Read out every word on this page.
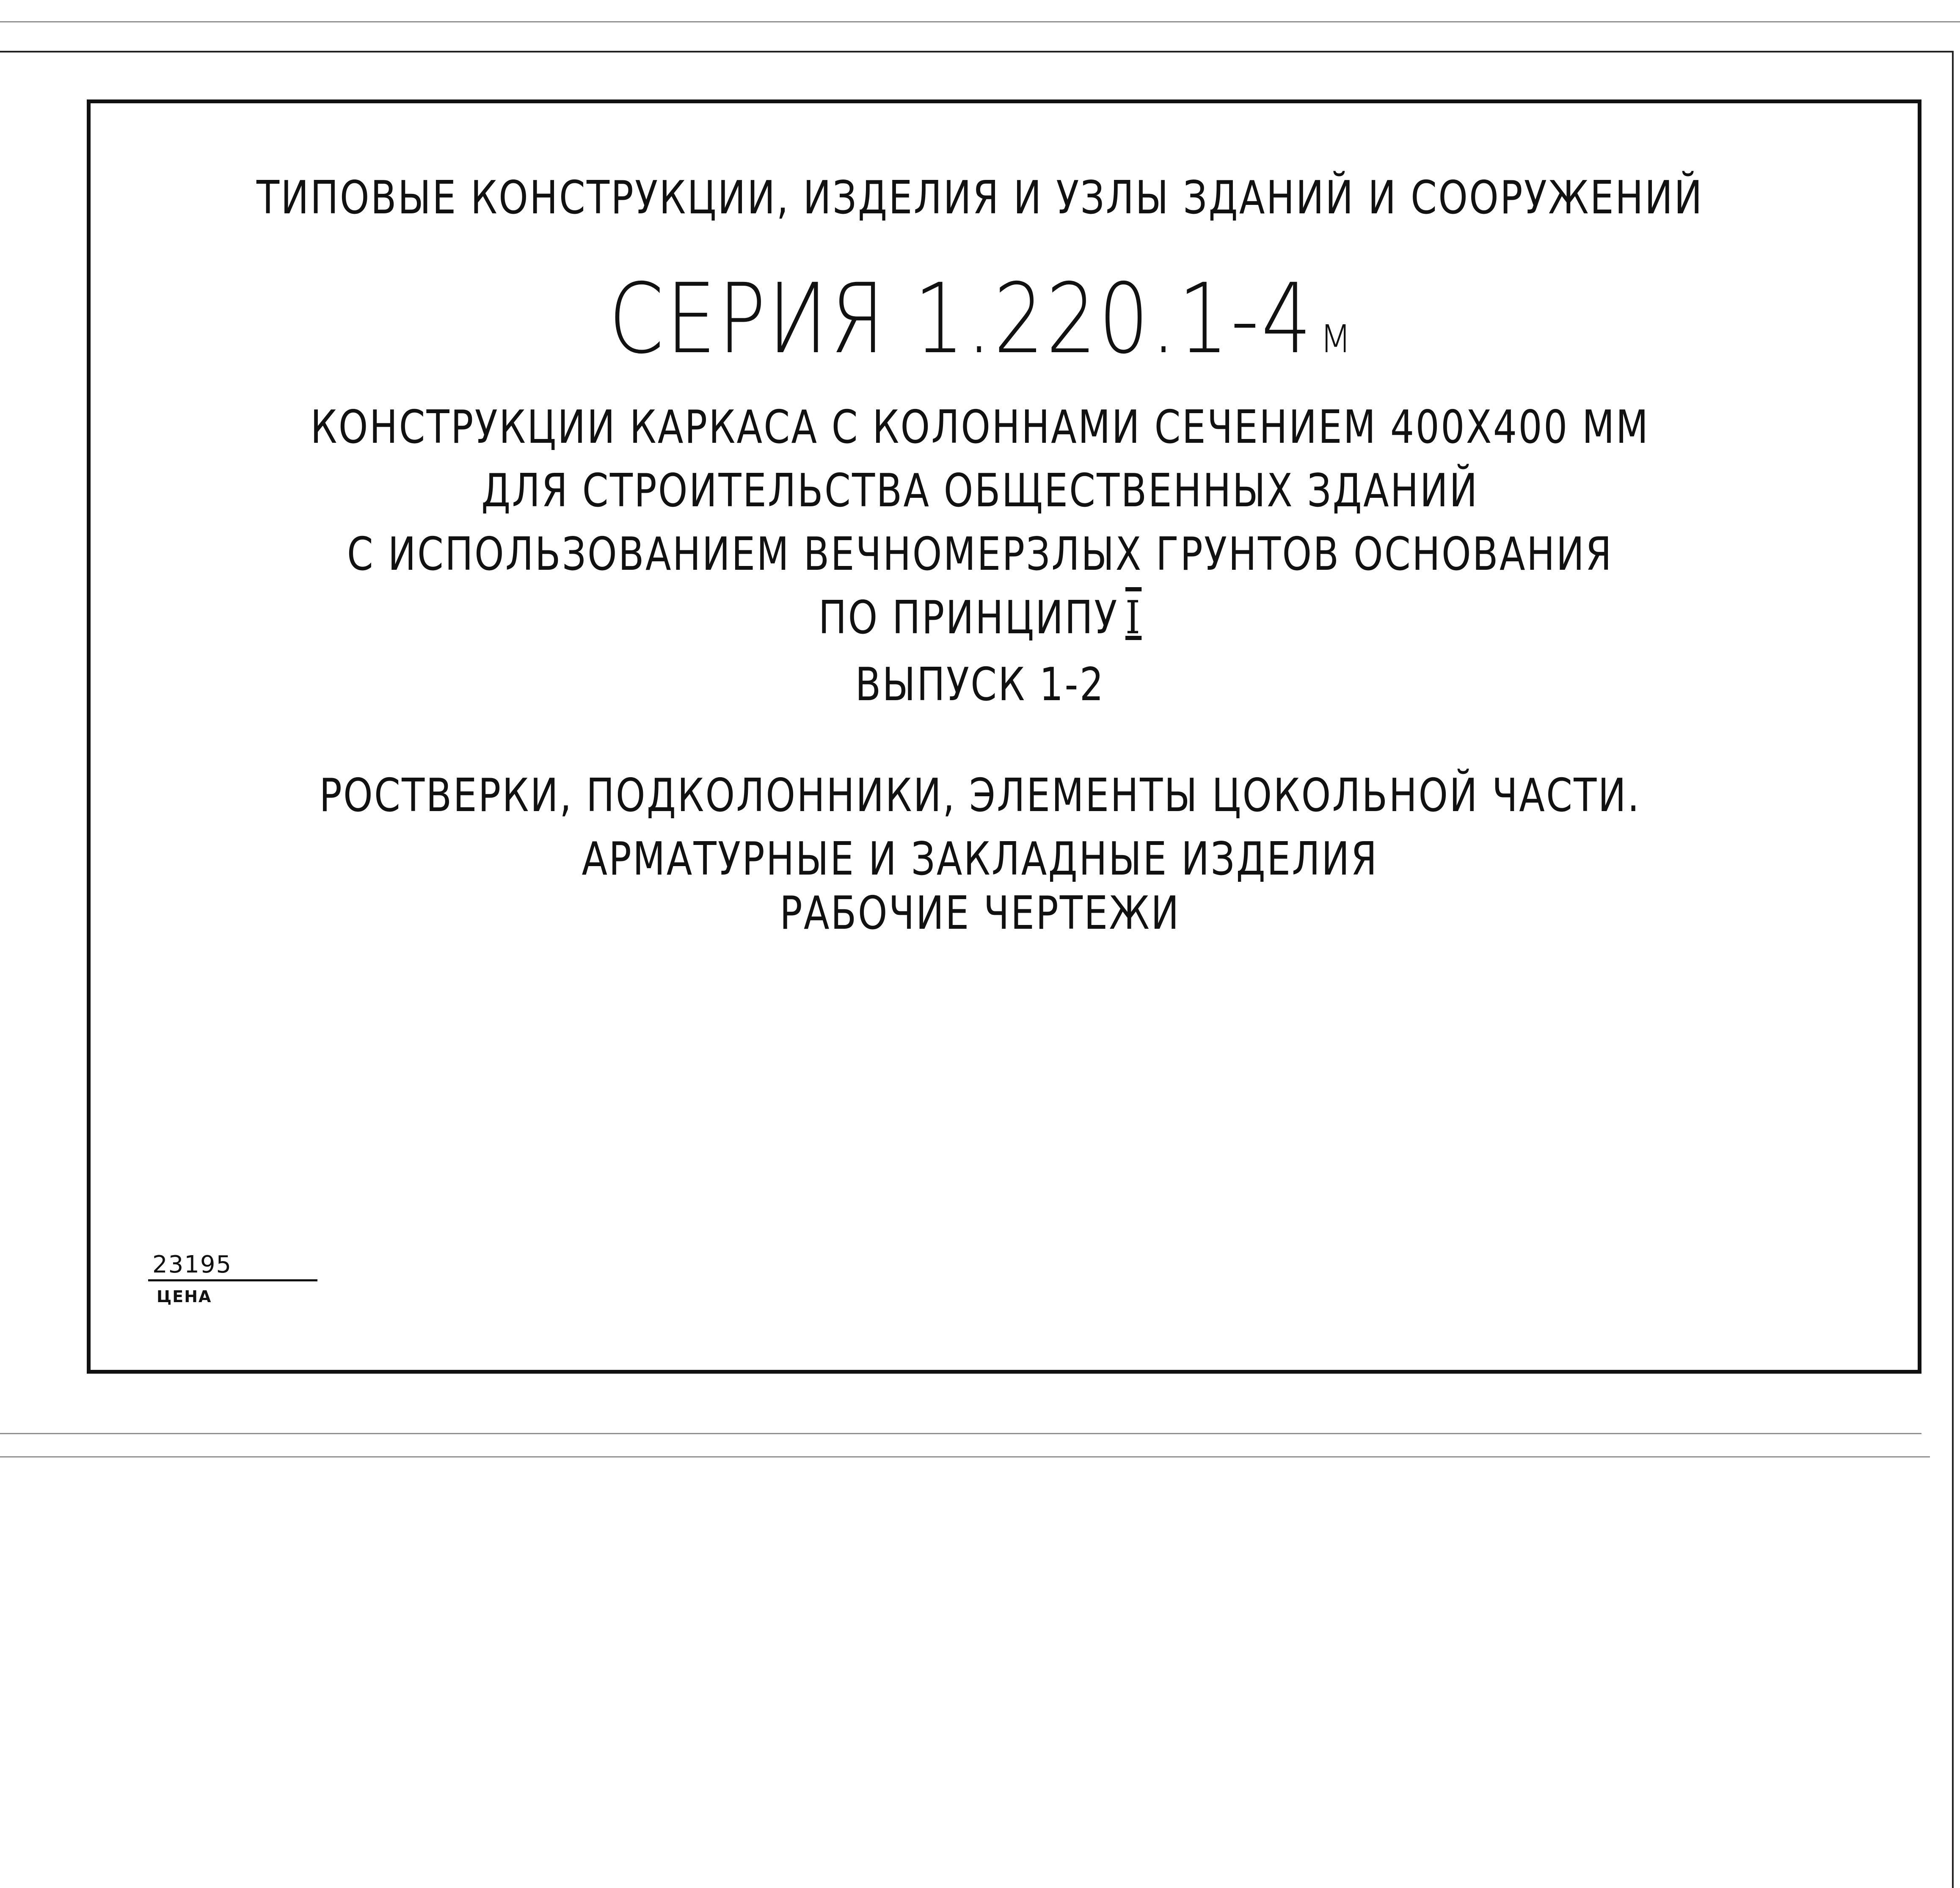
ТИПОВЫЕ КОНСТРУКЦИИ, ИЗДЕЛИЯ И УЗЛЫ ЗДАНИЙ И СООРУЖЕНИЙ
СЕРИЯ 1.220.1-4 м
КОНСТРУКЦИИ КАРКАСА С КОЛОННАМИ СЕЧЕНИЕМ 400Х400 ММ
ДЛЯ СТРОИТЕЛЬСТВА ОБЩЕСТВЕННЫХ ЗДАНИЙ
С ИСПОЛЬЗОВАНИЕМ ВЕЧНОМЕРЗЛЫХ ГРУНТОВ ОСНОВАНИЯ
ПО ПРИНЦИПУ I
ВЫПУСК 1-2
РОСТВЕРКИ, ПОДКОЛОННИКИ, ЭЛЕМЕНТЫ ЦОКОЛЬНОЙ ЧАСТИ.
АРМАТУРНЫЕ И ЗАКЛАДНЫЕ ИЗДЕЛИЯ
РАБОЧИЕ ЧЕРТЕЖИ
23195
ЦЕНА
